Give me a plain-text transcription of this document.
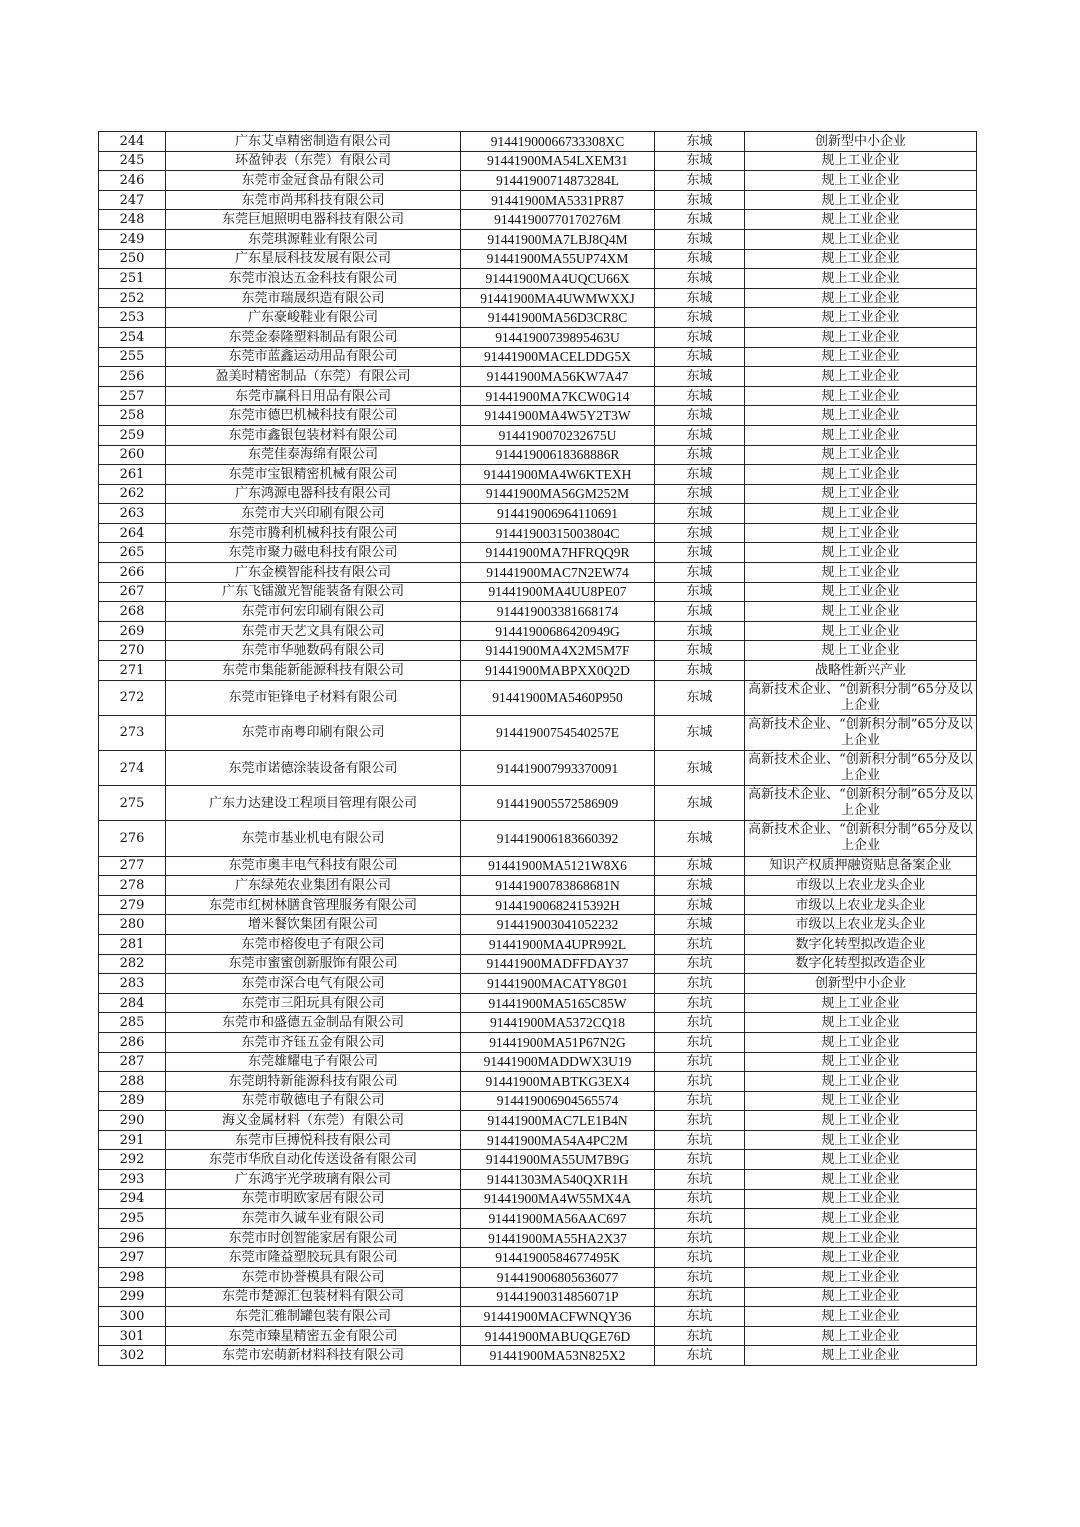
244	广东艾卓精密制造有限公司	91441900066733308XC	东城	创新型中小企业
245	环盈钟表（东莞）有限公司	91441900MA54LXEM31	东城	规上工业企业
246	东莞市金冠食品有限公司	91441900714873284L	东城	规上工业企业
247	东莞市尚邦科技有限公司	91441900MA5331PR87	东城	规上工业企业
248	东莞巨旭照明电器科技有限公司	91441900770170276M	东城	规上工业企业
249	东莞琪源鞋业有限公司	91441900MA7LBJ8Q4M	东城	规上工业企业
250	广东星辰科技发展有限公司	91441900MA55UP74XM	东城	规上工业企业
251	东莞市浪达五金科技有限公司	91441900MA4UQCU66X	东城	规上工业企业
252	东莞市瑞晟织造有限公司	91441900MA4UWMWXXJ	东城	规上工业企业
253	广东豪峻鞋业有限公司	91441900MA56D3CR8C	东城	规上工业企业
254	东莞金泰隆塑料制品有限公司	91441900739895463U	东城	规上工业企业
255	东莞市蓝鑫运动用品有限公司	91441900MACELDDG5X	东城	规上工业企业
256	盈美时精密制品（东莞）有限公司	91441900MA56KW7A47	东城	规上工业企业
257	东莞市赢科日用品有限公司	91441900MA7KCW0G14	东城	规上工业企业
258	东莞市德巴机械科技有限公司	91441900MA4W5Y2T3W	东城	规上工业企业
259	东莞市鑫银包装材料有限公司	9144190070232675U	东城	规上工业企业
260	东莞佳泰海绵有限公司	91441900618368886R	东城	规上工业企业
261	东莞市宝银精密机械有限公司	91441900MA4W6KTEXH	东城	规上工业企业
262	广东鸿源电器科技有限公司	91441900MA56GM252M	东城	规上工业企业
263	东莞市大兴印刷有限公司	914419006964110691	东城	规上工业企业
264	东莞市腾利机械科技有限公司	91441900315003804C	东城	规上工业企业
265	东莞市聚力磁电科技有限公司	91441900MA7HFRQQ9R	东城	规上工业企业
266	广东金模智能科技有限公司	91441900MAC7N2EW74	东城	规上工业企业
267	广东飞镭激光智能装备有限公司	91441900MA4UU8PE07	东城	规上工业企业
268	东莞市何宏印刷有限公司	914419003381668174	东城	规上工业企业
269	东莞市天艺文具有限公司	91441900686420949G	东城	规上工业企业
270	东莞市华驰数码有限公司	91441900MA4X2M5M7F	东城	规上工业企业
271	东莞市集能新能源科技有限公司	91441900MABPXX0Q2D	东城	战略性新兴产业
272	东莞市钜锋电子材料有限公司	91441900MA5460P950	东城	高新技术企业、“创新积分制”65分及以上企业
273	东莞市南粤印刷有限公司	91441900754540257E	东城	高新技术企业、“创新积分制”65分及以上企业
274	东莞市诺德涂装设备有限公司	914419007993370091	东城	高新技术企业、“创新积分制”65分及以上企业
275	广东力达建设工程项目管理有限公司	914419005572586909	东城	高新技术企业、“创新积分制”65分及以上企业
276	东莞市基业机电有限公司	914419006183660392	东城	高新技术企业、“创新积分制”65分及以上企业
277	东莞市奥丰电气科技有限公司	91441900MA5121W8X6	东城	知识产权质押融资贴息备案企业
278	广东绿苑农业集团有限公司	91441900783868681N	东城	市级以上农业龙头企业
279	东莞市红树林膳食管理服务有限公司	91441900682415392H	东城	市级以上农业龙头企业
280	增米餐饮集团有限公司	914419003041052232	东城	市级以上农业龙头企业
281	东莞市榕俊电子有限公司	91441900MA4UPR992L	东坑	数字化转型拟改造企业
282	东莞市蜜蜜创新服饰有限公司	91441900MADFFDAY37	东坑	数字化转型拟改造企业
283	东莞市深合电气有限公司	91441900MACATY8G01	东坑	创新型中小企业
284	东莞市三阳玩具有限公司	91441900MA5165C85W	东坑	规上工业企业
285	东莞市和盛德五金制品有限公司	91441900MA5372CQ18	东坑	规上工业企业
286	东莞市齐钰五金有限公司	91441900MA51P67N2G	东坑	规上工业企业
287	东莞雄耀电子有限公司	91441900MADDWX3U19	东坑	规上工业企业
288	东莞朗特新能源科技有限公司	91441900MABTKG3EX4	东坑	规上工业企业
289	东莞市敬德电子有限公司	914419006904565574	东坑	规上工业企业
290	海义金属材料（东莞）有限公司	91441900MAC7LE1B4N	东坑	规上工业企业
291	东莞市巨搏悦科技有限公司	91441900MA54A4PC2M	东坑	规上工业企业
292	东莞市华欣自动化传送设备有限公司	91441900MA55UM7B9G	东坑	规上工业企业
293	广东鸿宇光学玻璃有限公司	91441303MA540QXR1H	东坑	规上工业企业
294	东莞市明欧家居有限公司	91441900MA4W55MX4A	东坑	规上工业企业
295	东莞市久诚车业有限公司	91441900MA56AAC697	东坑	规上工业企业
296	东莞市时创智能家居有限公司	91441900MA55HA2X37	东坑	规上工业企业
297	东莞市隆益塑胶玩具有限公司	91441900584677495K	东坑	规上工业企业
298	东莞市协誉模具有限公司	914419006805636077	东坑	规上工业企业
299	东莞市楚源汇包装材料有限公司	91441900314856071P	东坑	规上工业企业
300	东莞汇雅制罐包装有限公司	91441900MACFWNQY36	东坑	规上工业企业
301	东莞市臻星精密五金有限公司	91441900MABUQGE76D	东坑	规上工业企业
302	东莞市宏萌新材料科技有限公司	91441900MA53N825X2	东坑	规上工业企业
